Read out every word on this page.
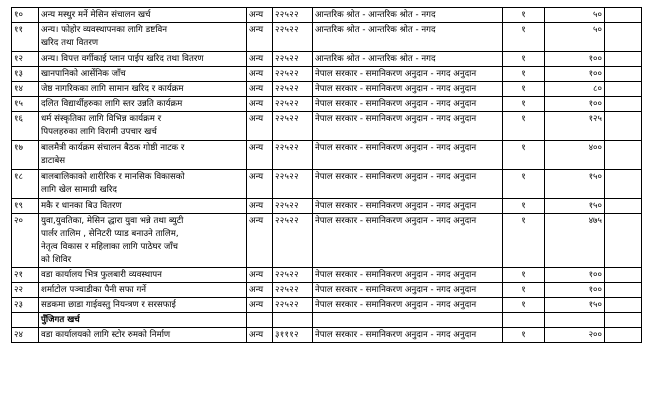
१०	अन्य मस्धुर मर्ने मेसिन संचालन खर्च	अन्य	२२५२२	आन्तरिक श्रोत - आन्तरिक श्रोत - नगद	१	५०	
११	अन्य। फोहोर व्यवस्थापनका लागि डष्टविन
खरिद तथा वितरण	अन्य	२२५२२	आन्तरिक श्रोत - आन्तरिक श्रोत - नगद	१	५०	
१२	अन्य। विपत्त वर्गीकाई प्लान पाईप खरिद तथा वितरण	अन्य	२२५२२	आन्तरिक श्रोत - आन्तरिक श्रोत - नगद	१	१००	
१३	खानपानिको आर्सेनिक जाँच	अन्य	२२५२२	नेपाल सरकार - समानिकरण अनुदान - नगद अनुदान	१	१००	
१४	जेष्ठ नागरिकका लागि सामान खरिद र कार्यक्रम	अन्य	२२५२२	नेपाल सरकार - समानिकरण अनुदान - नगद अनुदान	१	८०	
१५	दलित विद्यार्थीहरुका लागि स्तर उन्नति कार्यक्रम	अन्य	२२५२२	नेपाल सरकार - समानिकरण अनुदान - नगद अनुदान	१	१००	
१६	धर्म संस्कृतिका लागि विभिन्न कार्यक्रम र
पिपलहरुका लागि विरामी उपचार खर्च	अन्य	२२५२२	नेपाल सरकार - समानिकरण अनुदान - नगद अनुदान	१	१२५	
१७	बालमैत्री कार्यक्रम संचालन बैठक गोष्ठी नाटक र
डाटाबेस	अन्य	२२५२२	नेपाल सरकार - समानिकरण अनुदान - नगद अनुदान	१	४००	
१८	बालबालिकाको शारीरिक र मानसिक विकासको
लागि खेल सामाग्री खरिद	अन्य	२२५२२	नेपाल सरकार - समानिकरण अनुदान - नगद अनुदान	१	१५०	
१९	मकै र धानका बिउ वितरण	अन्य	२२५२२	नेपाल सरकार - समानिकरण अनुदान - नगद अनुदान	१	१५०	
२०	युवा,युवतिका, मेसिन द्धारा युवा भन्ने तथा ब्युटी
पार्लर तालिम , सेनिटरी प्याड बनाउने तालिम,
नेतृत्व विकास र महिलाका लागि पाठेघर जाँच
को शिविर	अन्य	२२५२२	नेपाल सरकार - समानिकरण अनुदान - नगद अनुदान	१	४७५	
२१	वडा कार्यालय भित्र फुलबारी व्यवस्थापन	अन्य	२२५२२	नेपाल सरकार - समानिकरण अनुदान - नगद अनुदान	१	१००	
२२	शर्माटोल पञ्चाडीका पैनी सफा गर्ने	अन्य	२२५२२	नेपाल सरकार - समानिकरण अनुदान - नगद अनुदान	१	१००	
२३	सडकमा छाडा गाईवस्तु नियन्त्रण र सरसफाई	अन्य	२२५२२	नेपाल सरकार - समानिकरण अनुदान - नगद अनुदान	१	१५०	
	पुँजिगत खर्च						
२४	वडा कार्यालयको लागि स्टोर रुमको निर्माण	अन्य	३१११२	नेपाल सरकार - समानिकरण अनुदान - नगद अनुदान	१	२००	
